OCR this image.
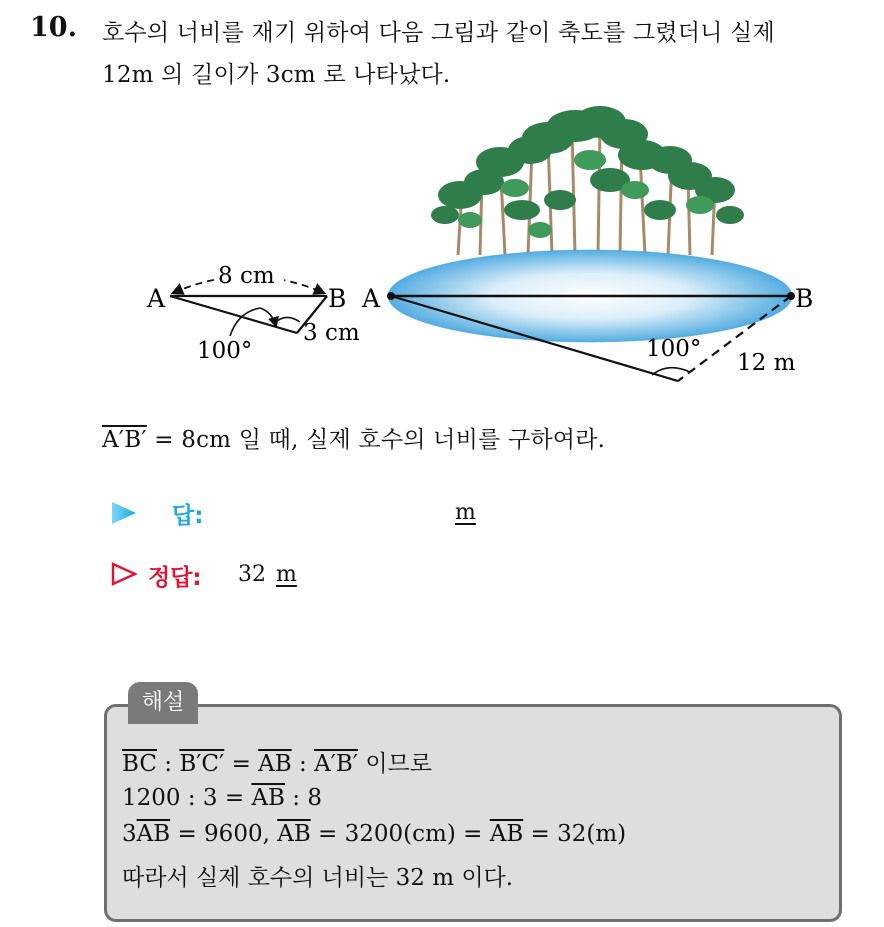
10. 호수의 너비를 재기 위하여 다음 그림과 같이 축도를 그렸더니 실제
12m 의 길이가 3cm 로 나타났다.
A	B
8 cm
3 cm
100°
A	B
100°
12 m
A′B′ = 8cm 일 때, 실제 호수의 너비를 구하여라.
답:	m
정답: 32 m
해설
$\overline{BC}$ : $B'C' = \overline{AB}$ : A′B′ 이므로
1200 : $3 = \overline{AB}$ : 8
$3\overline{AB} = 9600$, $\overline{AB} = 3200(cm) = \overline{AB} = 32(m)$
따라서 실제 호수의 너비는 32 m 이다.
